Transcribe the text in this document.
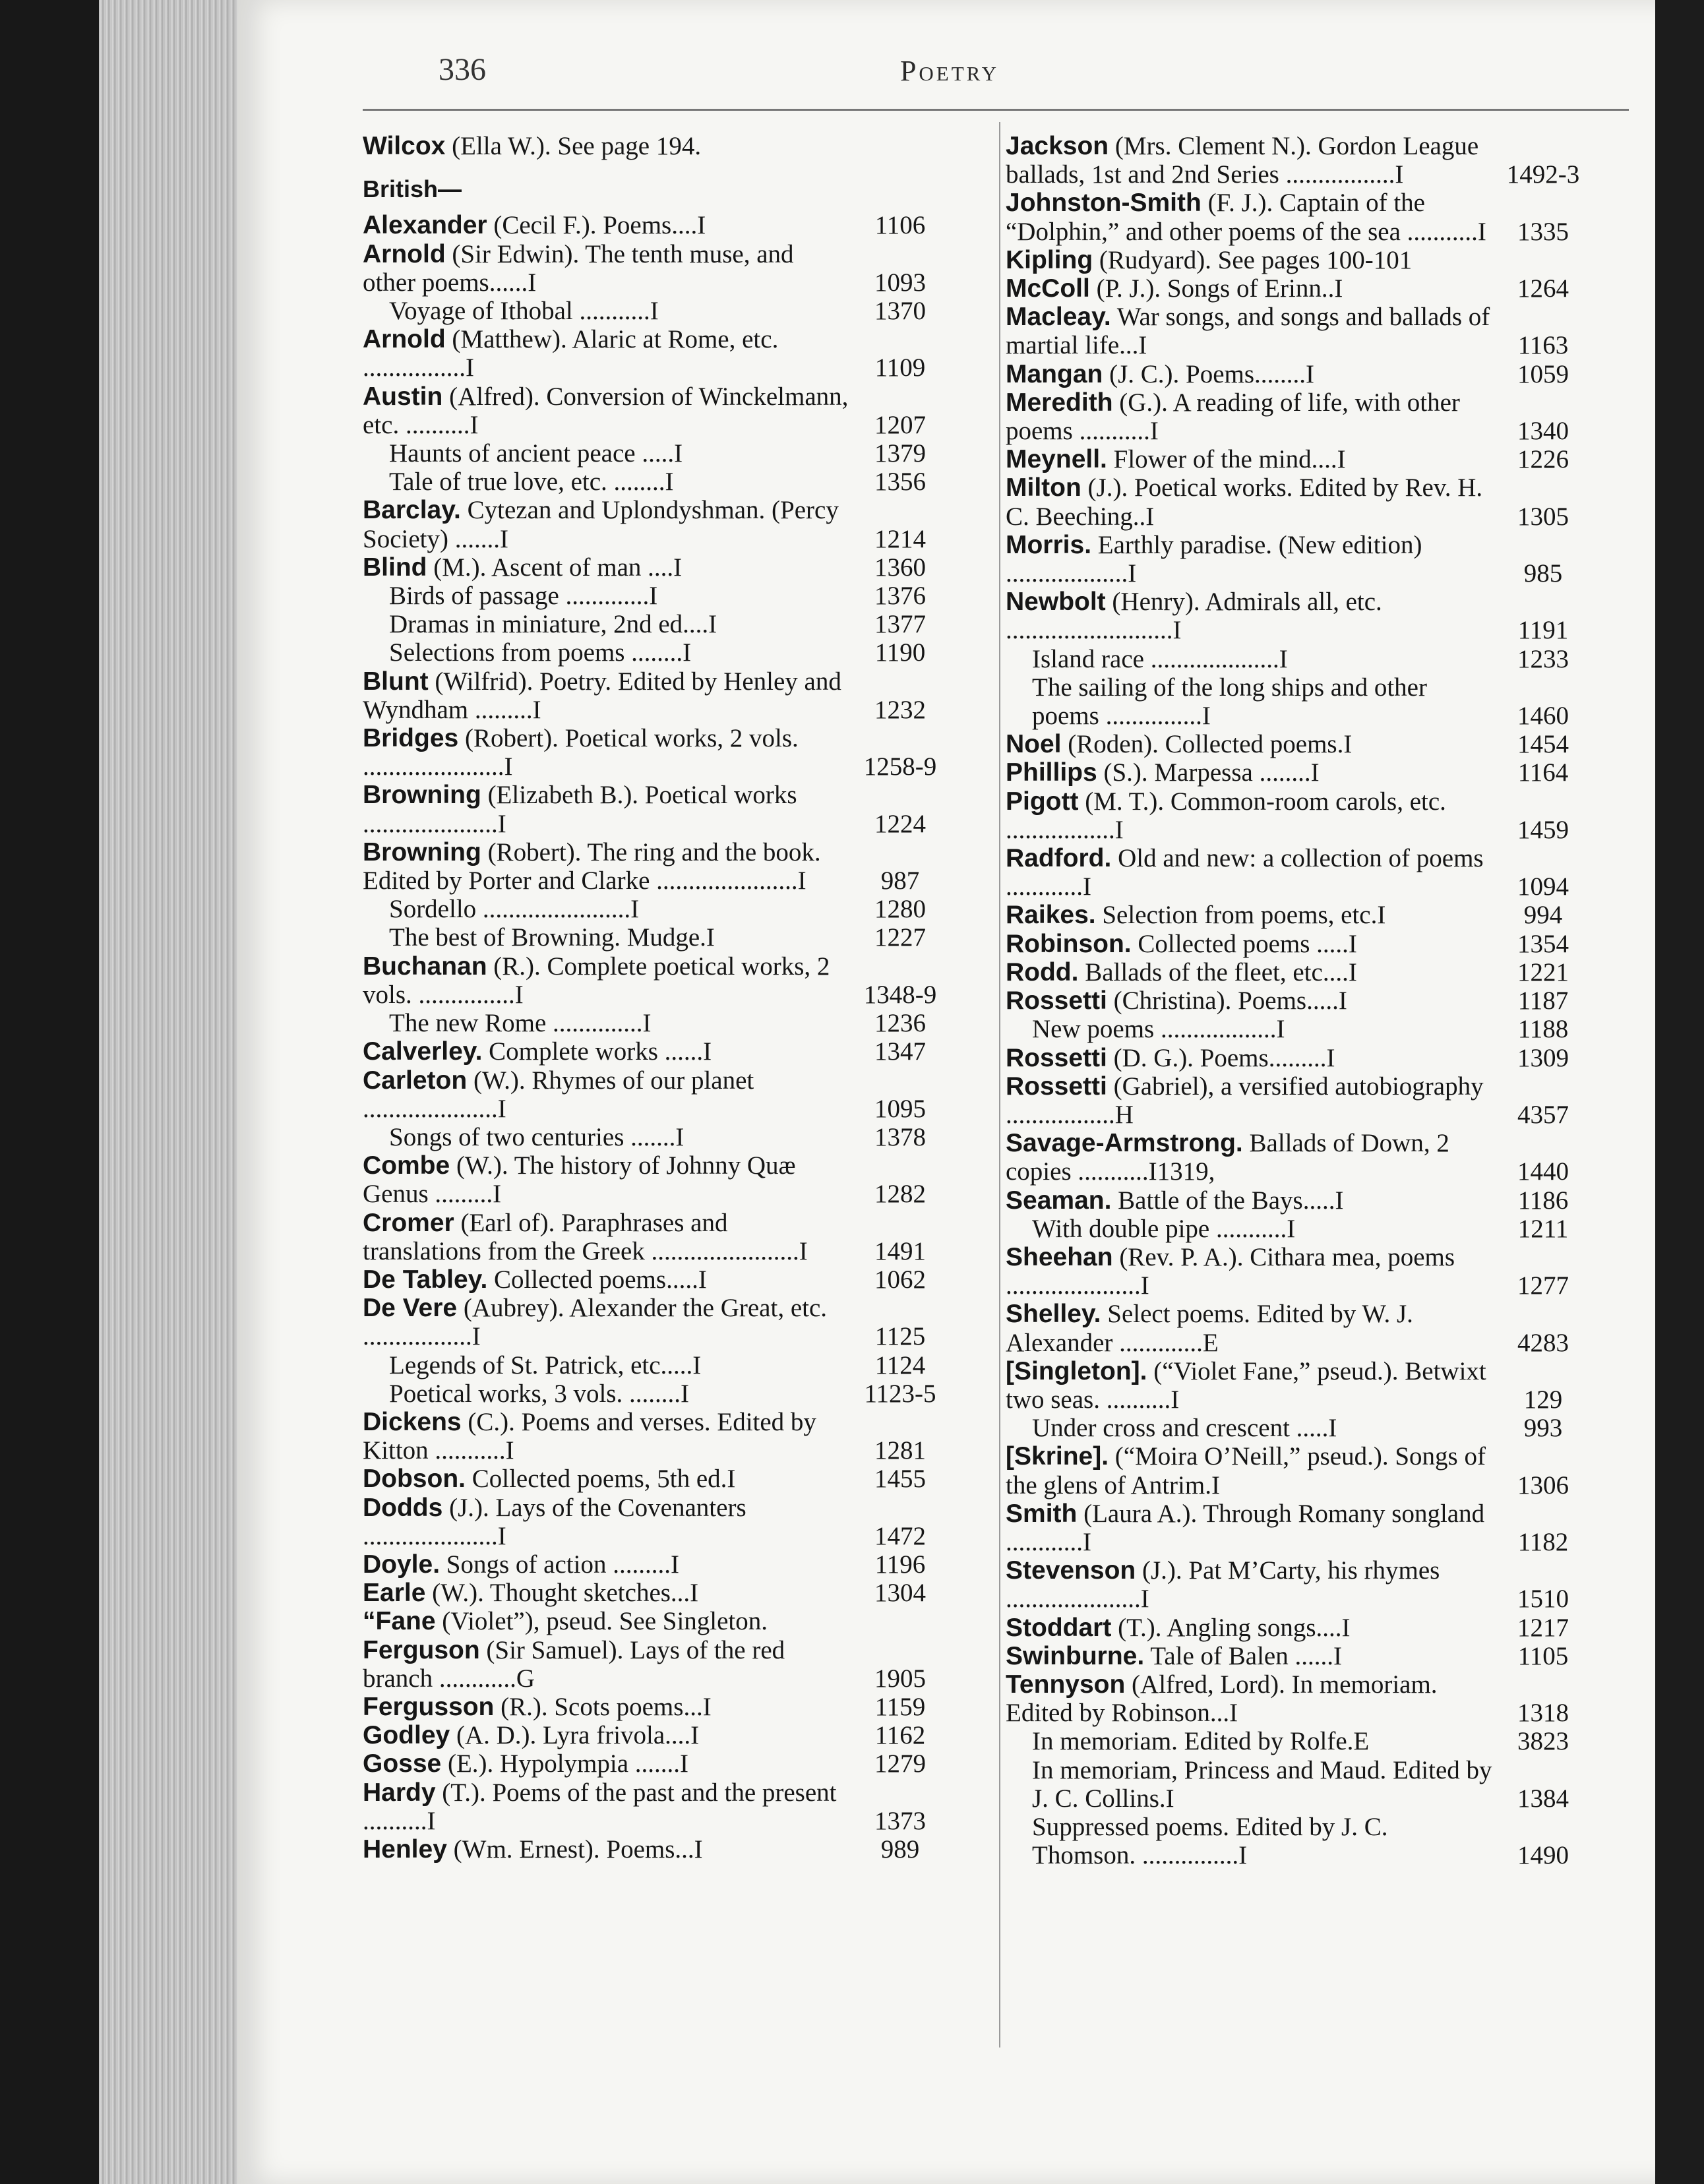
336	Poetry
Wilcox (Ella W.). See page 194.
British—
Alexander (Cecil F.). Poems....I	1106
Arnold (Sir Edwin). The tenth muse, and other poems......I	1093
Voyage of Ithobal ...........I	1370
Arnold (Matthew). Alaric at Rome, etc. ................I	1109
Austin (Alfred). Conversion of Winckelmann, etc. ..........I	1207
Haunts of ancient peace .....I	1379
Tale of true love, etc. ........I	1356
Barclay. Cytezan and Uplondyshman. (Percy Society) .......I	1214
Blind (M.). Ascent of man ....I	1360
Birds of passage .............I	1376
Dramas in miniature, 2nd ed....I	1377
Selections from poems ........I	1190
Blunt (Wilfrid). Poetry. Edited by Henley and Wyndham .........I	1232
Bridges (Robert). Poetical works, 2 vols. ......................I	1258-9
Browning (Elizabeth B.). Poetical works .....................I	1224
Browning (Robert). The ring and the book. Edited by Porter and Clarke ......................I	987
Sordello .......................I	1280
The best of Browning. Mudge.I	1227
Buchanan (R.). Complete poetical works, 2 vols. ...............I	1348-9
The new Rome ..............I	1236
Calverley. Complete works ......I	1347
Carleton (W.). Rhymes of our planet .....................I	1095
Songs of two centuries .......I	1378
Combe (W.). The history of Johnny Quæ Genus .........I	1282
Cromer (Earl of). Paraphrases and translations from the Greek .......................I	1491
De Tabley. Collected poems.....I	1062
De Vere (Aubrey). Alexander the Great, etc. .................I	1125
Legends of St. Patrick, etc.....I	1124
Poetical works, 3 vols. ........I	1123-5
Dickens (C.). Poems and verses. Edited by Kitton ...........I	1281
Dobson. Collected poems, 5th ed.I	1455
Dodds (J.). Lays of the Covenanters .....................I	1472
Doyle. Songs of action .........I	1196
Earle (W.). Thought sketches...I	1304
“Fane (Violet”), pseud. See Singleton.
Ferguson (Sir Samuel). Lays of the red branch ............G	1905
Fergusson (R.). Scots poems...I	1159
Godley (A. D.). Lyra frivola....I	1162
Gosse (E.). Hypolympia .......I	1279
Hardy (T.). Poems of the past and the present ..........I	1373
Henley (Wm. Ernest). Poems...I	989
Jackson (Mrs. Clement N.). Gordon League ballads, 1st and 2nd Series .................I	1492-3
Johnston-Smith (F. J.). Captain of the “Dolphin,” and other poems of the sea ...........I	1335
Kipling (Rudyard). See pages 100-101
McColl (P. J.). Songs of Erinn..I	1264
Macleay. War songs, and songs and ballads of martial life...I	1163
Mangan (J. C.). Poems........I	1059
Meredith (G.). A reading of life, with other poems ...........I	1340
Meynell. Flower of the mind....I	1226
Milton (J.). Poetical works. Edited by Rev. H. C. Beeching..I	1305
Morris. Earthly paradise. (New edition) ...................I	985
Newbolt (Henry). Admirals all, etc. ..........................I	1191
Island race ....................I	1233
The sailing of the long ships and other poems ...............I	1460
Noel (Roden). Collected poems.I	1454
Phillips (S.). Marpessa ........I	1164
Pigott (M. T.). Common-room carols, etc. .................I	1459
Radford. Old and new: a collection of poems ............I	1094
Raikes. Selection from poems, etc.I	994
Robinson. Collected poems .....I	1354
Rodd. Ballads of the fleet, etc....I	1221
Rossetti (Christina). Poems.....I	1187
New poems ..................I	1188
Rossetti (D. G.). Poems.........I	1309
Rossetti (Gabriel), a versified autobiography .................H	4357
Savage-Armstrong. Ballads of Down, 2 copies ...........I1319,	1440
Seaman. Battle of the Bays.....I	1186
With double pipe ...........I	1211
Sheehan (Rev. P. A.). Cithara mea, poems .....................I	1277
Shelley. Select poems. Edited by W. J. Alexander .............E	4283
[Singleton]. (“Violet Fane,” pseud.). Betwixt two seas. ..........I	129
Under cross and crescent .....I	993
[Skrine]. (“Moira O’Neill,” pseud.). Songs of the glens of Antrim.I	1306
Smith (Laura A.). Through Romany songland ............I	1182
Stevenson (J.). Pat M’Carty, his rhymes .....................I	1510
Stoddart (T.). Angling songs....I	1217
Swinburne. Tale of Balen ......I	1105
Tennyson (Alfred, Lord). In memoriam. Edited by Robinson...I	1318
In memoriam. Edited by Rolfe.E	3823
In memoriam, Princess and Maud. Edited by J. C. Collins.I	1384
Suppressed poems. Edited by J. C. Thomson. ...............I	1490
